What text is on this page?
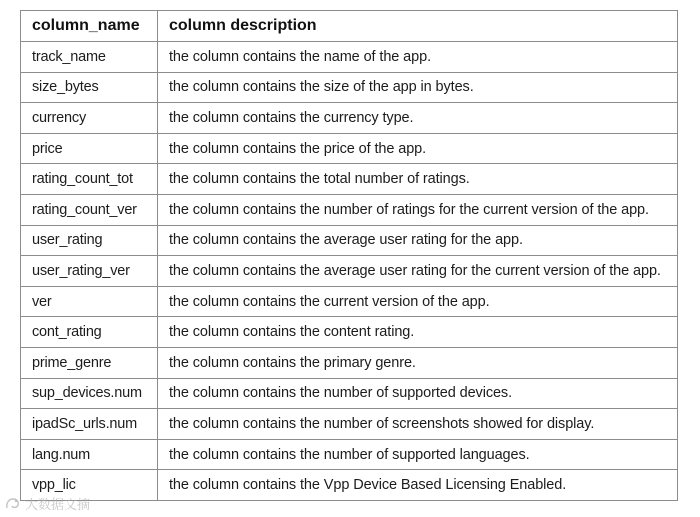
column_name	column description
track_name	the column contains the name of the app.
size_bytes	the column contains the size of the app in bytes.
currency	the column contains the currency type.
price	the column contains the price of the app.
rating_count_tot	the column contains the total number of ratings.
rating_count_ver	the column contains the number of ratings for the current version of the app.
user_rating	the column contains the average user rating for the app.
user_rating_ver	the column contains the average user rating for the current version of the app.
ver	the column contains the current version of the app.
cont_rating	the column contains the content rating.
prime_genre	the column contains the primary genre.
sup_devices.num	the column contains the number of supported devices.
ipadSc_urls.num	the column contains the number of screenshots showed for display.
lang.num	the column contains the number of supported languages.
vpp_lic	the column contains the Vpp Device Based Licensing Enabled.
大数据文摘
